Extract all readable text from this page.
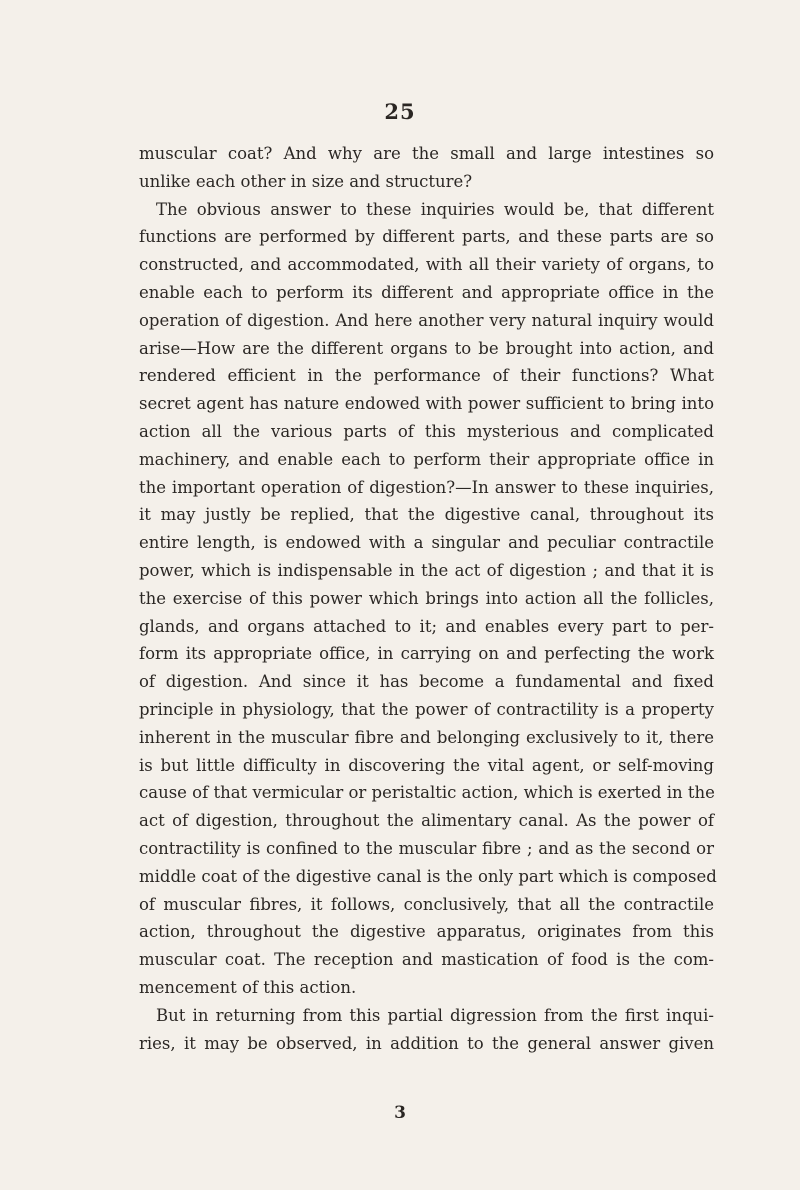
25
muscular coat? And why are the small and large intestines so
unlike each other in size and structure?
The obvious answer to these inquiries would be, that different
functions are performed by different parts, and these parts are so
constructed, and accommodated, with all their variety of organs, to
enable each to perform its different and appropriate office in the
operation of digestion. And here another very natural inquiry would
arise—How are the different organs to be brought into action, and
rendered efficient in the performance of their functions? What
secret agent has nature endowed with power sufficient to bring into
action all the various parts of this mysterious and complicated
machinery, and enable each to perform their appropriate office in
the important operation of digestion?—In answer to these inquiries,
it may justly be replied, that the digestive canal, throughout its
entire length, is endowed with a singular and peculiar contractile
power, which is indispensable in the act of digestion ; and that it is
the exercise of this power which brings into action all the follicles,
glands, and organs attached to it; and enables every part to per-
form its appropriate office, in carrying on and perfecting the work
of digestion. And since it has become a fundamental and fixed
principle in physiology, that the power of contractility is a property
inherent in the muscular fibre and belonging exclusively to it, there
is but little difficulty in discovering the vital agent, or self-moving
cause of that vermicular or peristaltic action, which is exerted in the
act of digestion, throughout the alimentary canal. As the power of
contractility is confined to the muscular fibre ; and as the second or
middle coat of the digestive canal is the only part which is composed
of muscular fibres, it follows, conclusively, that all the contractile
action, throughout the digestive apparatus, originates from this
muscular coat. The reception and mastication of food is the com-
mencement of this action.
But in returning from this partial digression from the first inqui-
ries, it may be observed, in addition to the general answer given
3
